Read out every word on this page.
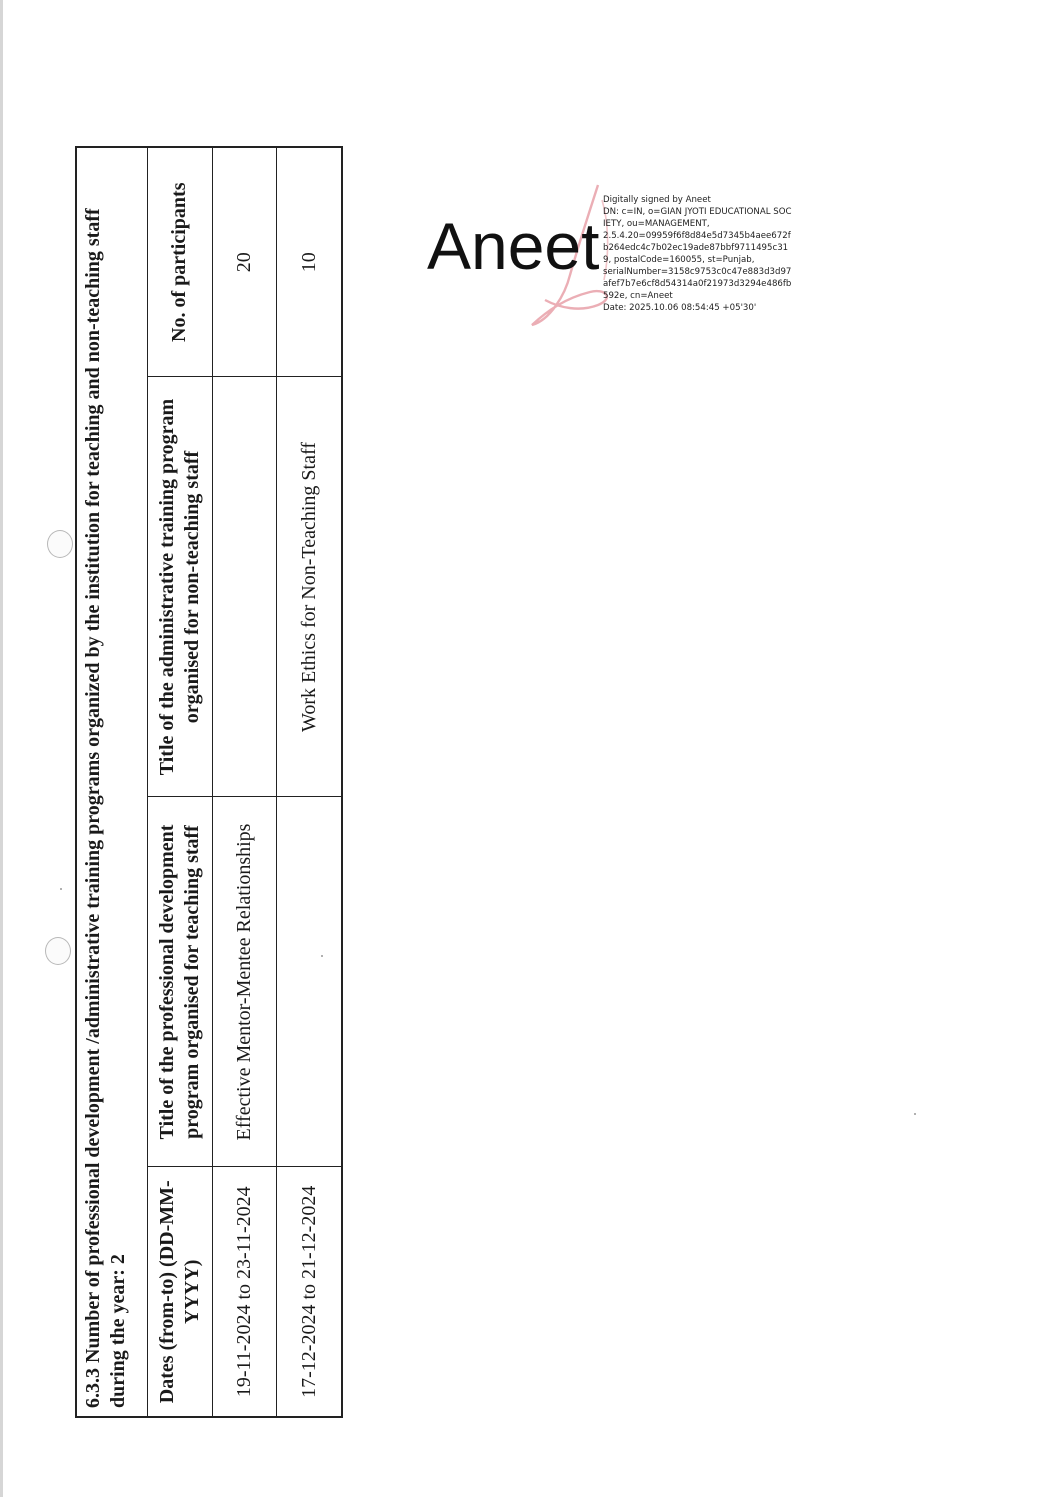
6.3.3 Number of professional development /administrative training programs organized by the institution for teaching and non-teaching staff during the year: 2			
Dates (from-to) (DD-MM-YYYY)	Title of the professional development program organised for teaching staff	Title of the administrative training program organised for non-teaching staff	No. of participants
19-11-2024 to 23-11-2024	Effective Mentor-Mentee Relationships		20
17-12-2024 to 21-12-2024		Work Ethics for Non-Teaching Staff	10 Aneet
Digitally signed by Aneet
DN: c=IN, o=GIAN JYOTI EDUCATIONAL SOCIETY, ou=MANAGEMENT,
2.5.4.20=09959f6f8d84e5d7345b4aee672fb264edc4c7b02ec19ade87bbf9711495c319, postalCode=160055, st=Punjab,
serialNumber=3158c9753c0c47e883d3d97afef7b7e6cf8d54314a0f21973d3294e486fb592e, cn=Aneet
Date: 2025.10.06 08:54:45 +05'30'
